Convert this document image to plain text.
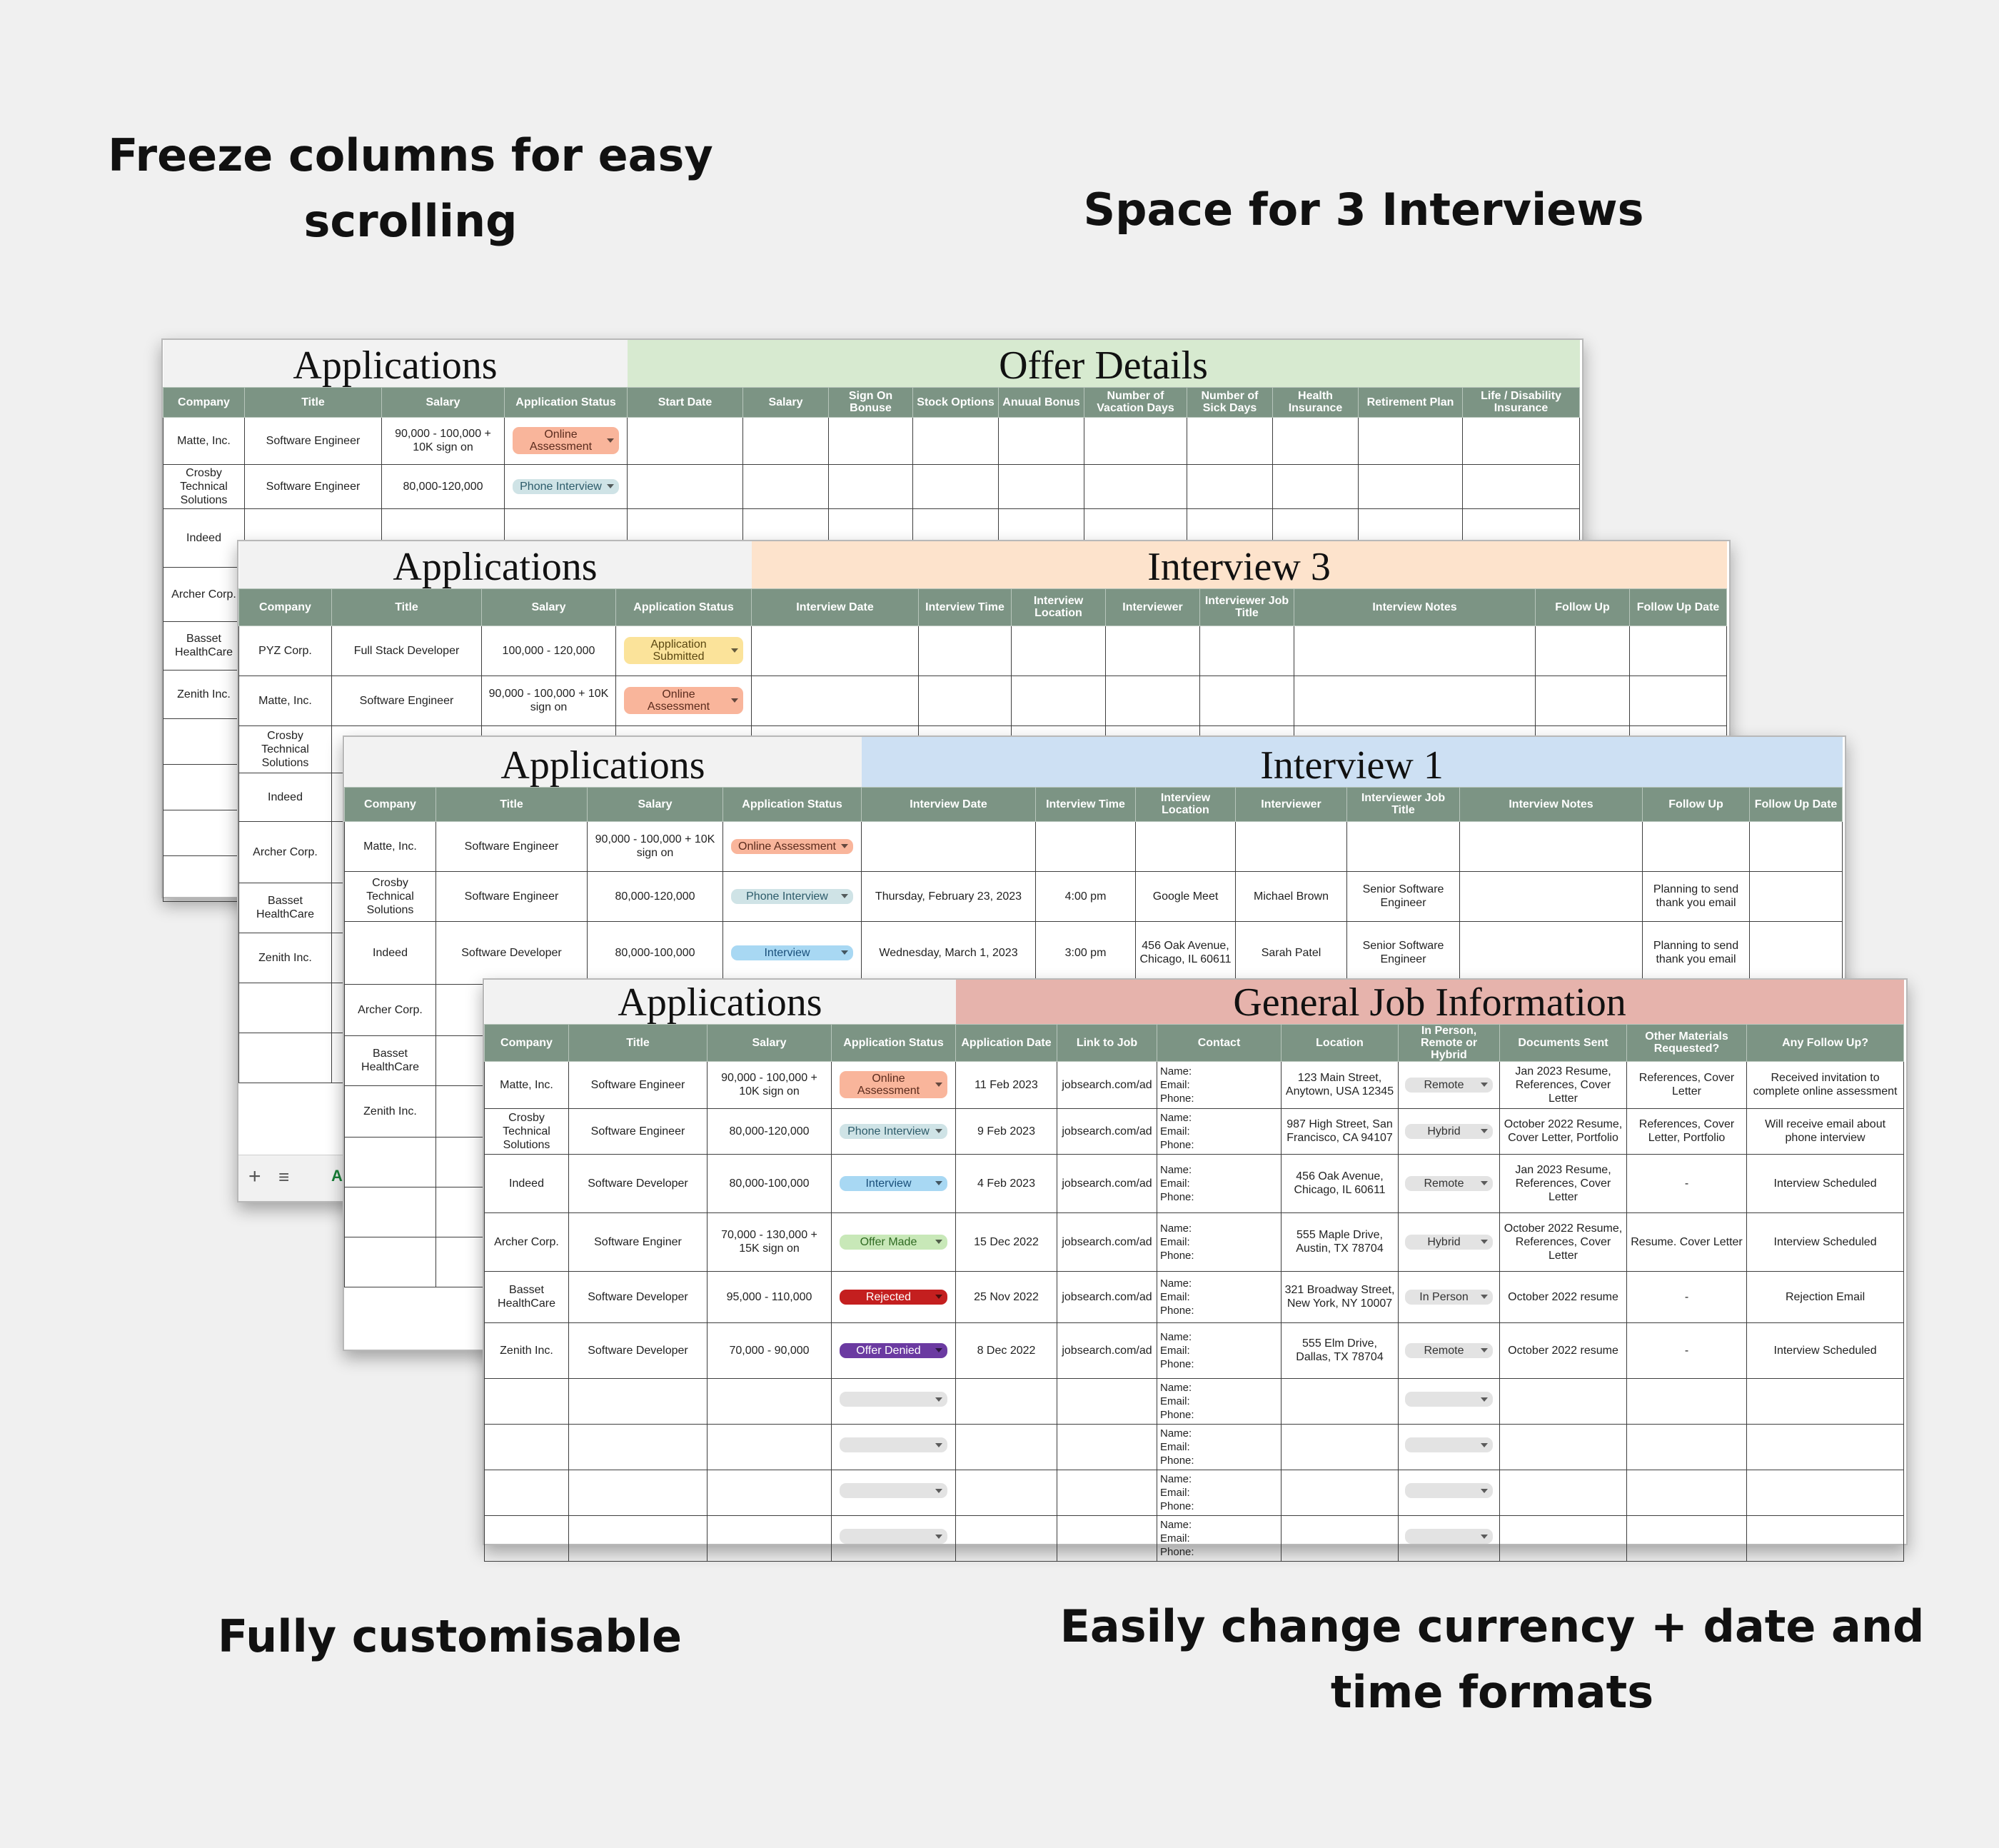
Freeze columns for easy scrolling	Space for 3 Interviews
Fully customisable	Easily change currency + date and time formats
Applications				Offer Details									
Company	Title	Salary	Application Status	Start Date	Salary	Sign On Bonuse	Stock Options	Anuual Bonus	Number of Vacation Days	Number of Sick Days	Health Insurance	Retirement Plan	Life / Disability Insurance
Matte, Inc.	Software Engineer	90,000 - 100,000 + 10K sign on	Online Assessment

Crosby Technical Solutions	Software Engineer	80,000-120,000	Phone Interview

Indeed													
Archer Corp.													
Basset HealthCare													
Zenith Inc.													

Applications				Interview 3							
Company	Title	Salary	Application Status	Interview Date	Interview Time	Interview Location	Interviewer	Interviewer Job Title	Interview Notes	Follow Up	Follow Up Date
PYZ Corp.	Full Stack Developer	100,000 - 120,000	Application Submitted

Matte, Inc.	Software Engineer	90,000 - 100,000 + 10K sign on	Online Assessment

Crosby Technical Solutions											
Indeed											
Archer Corp.											
Basset HealthCare											
Zenith Inc.											

+ ≡	A
Applications				Interview 1							
Company	Title	Salary	Application Status	Interview Date	Interview Time	Interview Location	Interviewer	Interviewer Job Title	Interview Notes	Follow Up	Follow Up Date
Matte, Inc.	Software Engineer	90,000 - 100,000 + 10K sign on	Online Assessment

Crosby Technical Solutions	Software Engineer	80,000-120,000	Phone Interview	Thursday, February 23, 2023	4:00 pm	Google Meet	Michael Brown	Senior Software Engineer		Planning to send thank you email	
Indeed	Software Developer	80,000-100,000	Interview	Wednesday, March 1, 2023	3:00 pm	456 Oak Avenue, Chicago, IL 60611	Sarah Patel	Senior Software Engineer		Planning to send thank you email	
Archer Corp.											
Basset HealthCare											
Zenith Inc.											

Applications				General Job Information							
Company	Title	Salary	Application Status	Application Date	Link to Job	Contact	Location	In Person, Remote or Hybrid	Documents Sent	Other Materials Requested?	Any Follow Up?
Matte, Inc.	Software Engineer	90,000 - 100,000 + 10K sign on	Online Assessment	11 Feb 2023	jobsearch.com/ad	Name:
Email:
Phone:	123 Main Street, Anytown, USA 12345	Remote	Jan 2023 Resume, References, Cover Letter	References, Cover Letter	Received invitation to complete online assessment
Crosby Technical Solutions	Software Engineer	80,000-120,000	Phone Interview	9 Feb 2023	jobsearch.com/ad	Name:
Email:
Phone:	987 High Street, San Francisco, CA 94107	Hybrid	October 2022 Resume, Cover Letter, Portfolio	References, Cover Letter, Portfolio	Will receive email about phone interview
Indeed	Software Developer	80,000-100,000	Interview	4 Feb 2023	jobsearch.com/ad	Name:
Email:
Phone:	456 Oak Avenue, Chicago, IL 60611	Remote	Jan 2023 Resume, References, Cover Letter	-	Interview Scheduled
Archer Corp.	Software Enginer	70,000 - 130,000 + 15K sign on	Offer Made	15 Dec 2022	jobsearch.com/ad	Name:
Email:
Phone:	555 Maple Drive, Austin, TX 78704	Hybrid	October 2022 Resume, References, Cover Letter	Resume. Cover Letter	Interview Scheduled
Basset HealthCare	Software Developer	95,000 - 110,000	Rejected	25 Nov 2022	jobsearch.com/ad	Name:
Email:
Phone:	321 Broadway Street, New York, NY 10007	In Person	October 2022 resume	-	Rejection Email
Zenith Inc.	Software Developer	70,000 - 90,000	Offer Denied	8 Dec 2022	jobsearch.com/ad	Name:
Email:
Phone:	555 Elm Drive, Dallas, TX 78704	Remote	October 2022 resume	-	Interview Scheduled

						Name:
Email:
Phone:					

						Name:
Email:
Phone:					

						Name:
Email:
Phone:					

						Name:
Email:
Phone:					
